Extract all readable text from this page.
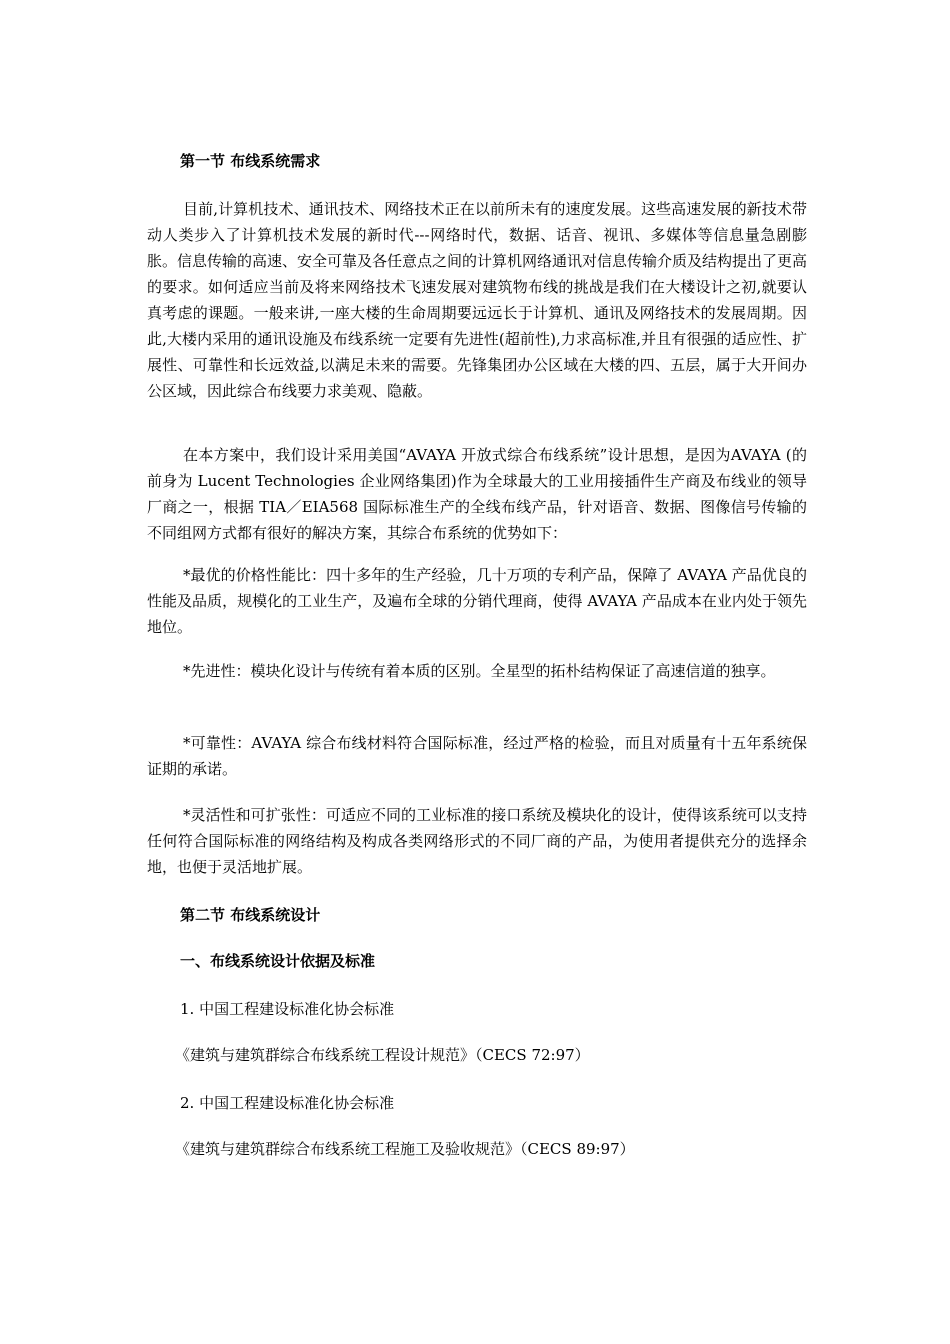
第一节 布线系统需求

目前,计算机技术、通讯技术、网络技术正在以前所未有的速度发展。这些高速发展的新技术带动人类步入了计算机技术发展的新时代---网络时代，数据、话音、视讯、多媒体等信息量急剧膨胀。信息传输的高速、安全可靠及各任意点之间的计算机网络通讯对信息传输介质及结构提出了更高的要求。如何适应当前及将来网络技术飞速发展对建筑物布线的挑战是我们在大楼设计之初,就要认真考虑的课题。一般来讲,一座大楼的生命周期要远远长于计算机、通讯及网络技术的发展周期。因此,大楼内采用的通讯设施及布线系统一定要有先进性(超前性),力求高标准,并且有很强的适应性、扩展性、可靠性和长远效益,以满足未来的需要。先锋集团办公区域在大楼的四、五层，属于大开间办公区域，因此综合布线要力求美观、隐蔽。

在本方案中，我们设计采用美国“AVAYA 开放式综合布线系统”设计思想，是因为AVAYA (的前身为 Lucent Technologies 企业网络集团)作为全球最大的工业用接插件生产商及布线业的领导厂商之一，根据 TIA／EIA568 国际标准生产的全线布线产品，针对语音、数据、图像信号传输的不同组网方式都有很好的解决方案，其综合布系统的优势如下：

*最优的价格性能比：四十多年的生产经验，几十万项的专利产品，保障了 AVAYA 产品优良的性能及品质，规模化的工业生产，及遍布全球的分销代理商，使得 AVAYA 产品成本在业内处于领先地位。

*先进性：模块化设计与传统有着本质的区别。全星型的拓朴结构保证了高速信道的独享。

*可靠性：AVAYA 综合布线材料符合国际标准，经过严格的检验，而且对质量有十五年系统保证期的承诺。

*灵活性和可扩张性：可适应不同的工业标准的接口系统及模块化的设计，使得该系统可以支持任何符合国际标准的网络结构及构成各类网络形式的不同厂商的产品，为使用者提供充分的选择余地，也便于灵活地扩展。

第二节 布线系统设计
一、布线系统设计依据及标准
1. 中国工程建设标准化协会标准
《建筑与建筑群综合布线系统工程设计规范》（CECS 72:97）
2. 中国工程建设标准化协会标准
《建筑与建筑群综合布线系统工程施工及验收规范》（CECS 89:97）
